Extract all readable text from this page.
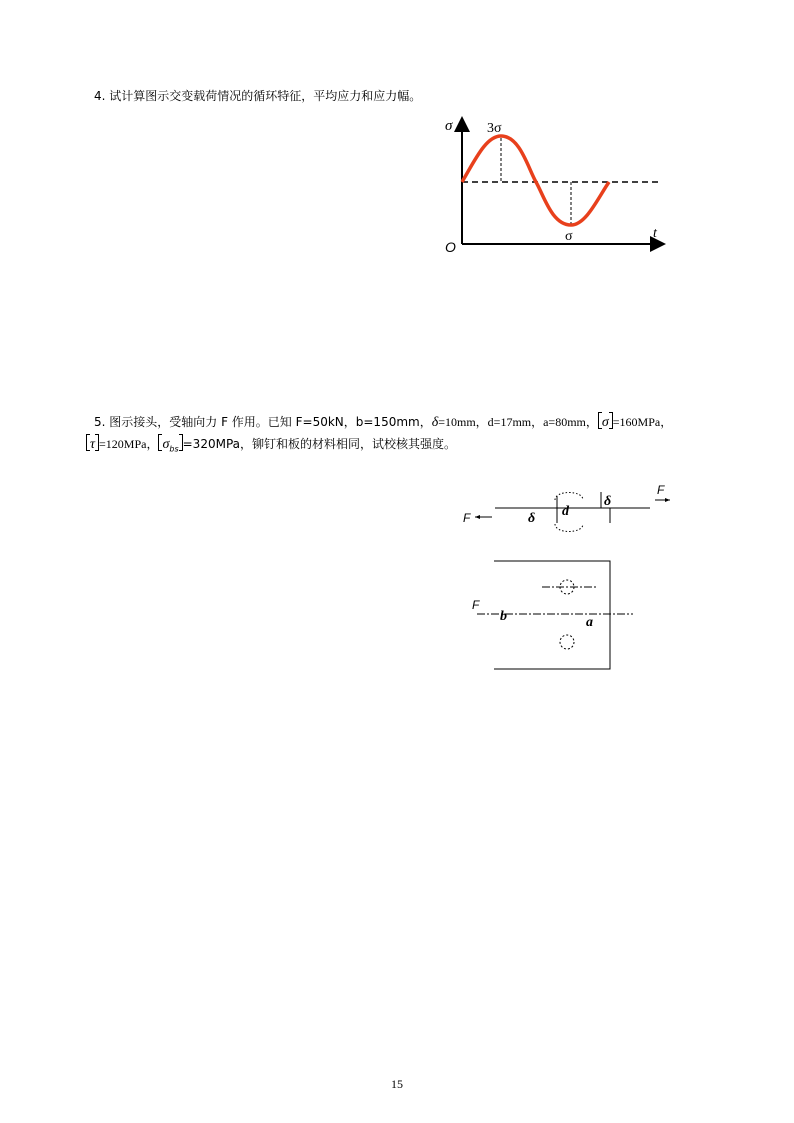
4. 试计算图示交变载荷情况的循环特征，平均应力和应力幅。
σ 3σ
σ	t
O
5. 图示接头，受轴向力 F 作用。已知 F=50kN，b=150mm，δ=10mm，d=17mm，a=80mm， σ =160MPa，
τ =120MPa， $\sigma_{bs} =320MPa$，铆钉和板的材料相同，试校核其强度。
F
F
δ d
δ
F
b	a
15
